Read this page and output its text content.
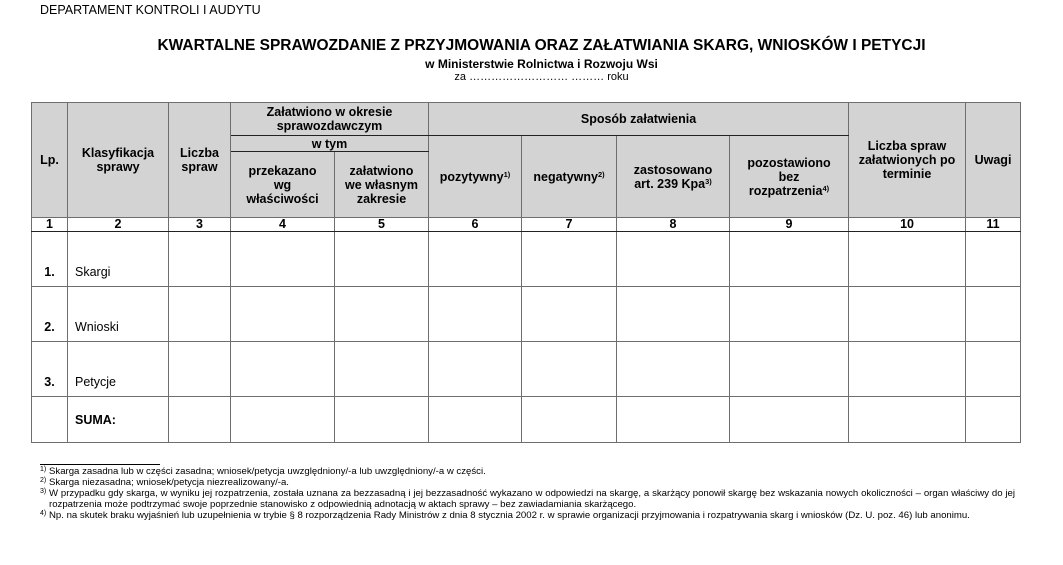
DEPARTAMENT KONTROLI I AUDYTU
KWARTALNE SPRAWOZDANIE Z PRZYJMOWANIA ORAZ ZAŁATWIANIA SKARG, WNIOSKÓW I PETYCJI
w Ministerstwie Rolnictwa i Rozwoju Wsi
za ……………………… ……… roku
Lp.	Klasyfikacja sprawy	Liczba spraw	Załatwiono w okresie sprawozdawczym		Sposób załatwienia				Liczba spraw załatwionych po terminie	Uwagi
			w tym		pozytywny$^{1)}$	negatywny$^{2)}$	zastosowano art. 239 Kpa$^{3)}$	pozostawiono bez rozpatrzenia$^{4)}$
			przekazano wg właściwości	załatwiono we własnym zakresie						
1	2	3	4	5	6	7	8	9	10	11
1.	Skargi									
2.	Wnioski									
3.	Petycje									
	SUMA:									
1) Skarga zasadna lub w części zasadna; wniosek/petycja uwzględniony/-a lub uwzględniony/-a w części.
2) Skarga niezasadna; wniosek/petycja niezrealizowany/-a.
3) W przypadku gdy skarga, w wyniku jej rozpatrzenia, została uznana za bezzasadną i jej bezzasadność wykazano w odpowiedzi na skargę, a skarżący ponowił skargę bez wskazania nowych okoliczności – organ właściwy do jej rozpatrzenia może podtrzymać swoje poprzednie stanowisko z odpowiednią adnotacją w aktach sprawy – bez zawiadamiania skarżącego.
4) Np. na skutek braku wyjaśnień lub uzupełnienia w trybie § 8 rozporządzenia Rady Ministrów z dnia 8 stycznia 2002 r. w sprawie organizacji przyjmowania i rozpatrywania skarg i wniosków (Dz. U. poz. 46) lub anonimu.
